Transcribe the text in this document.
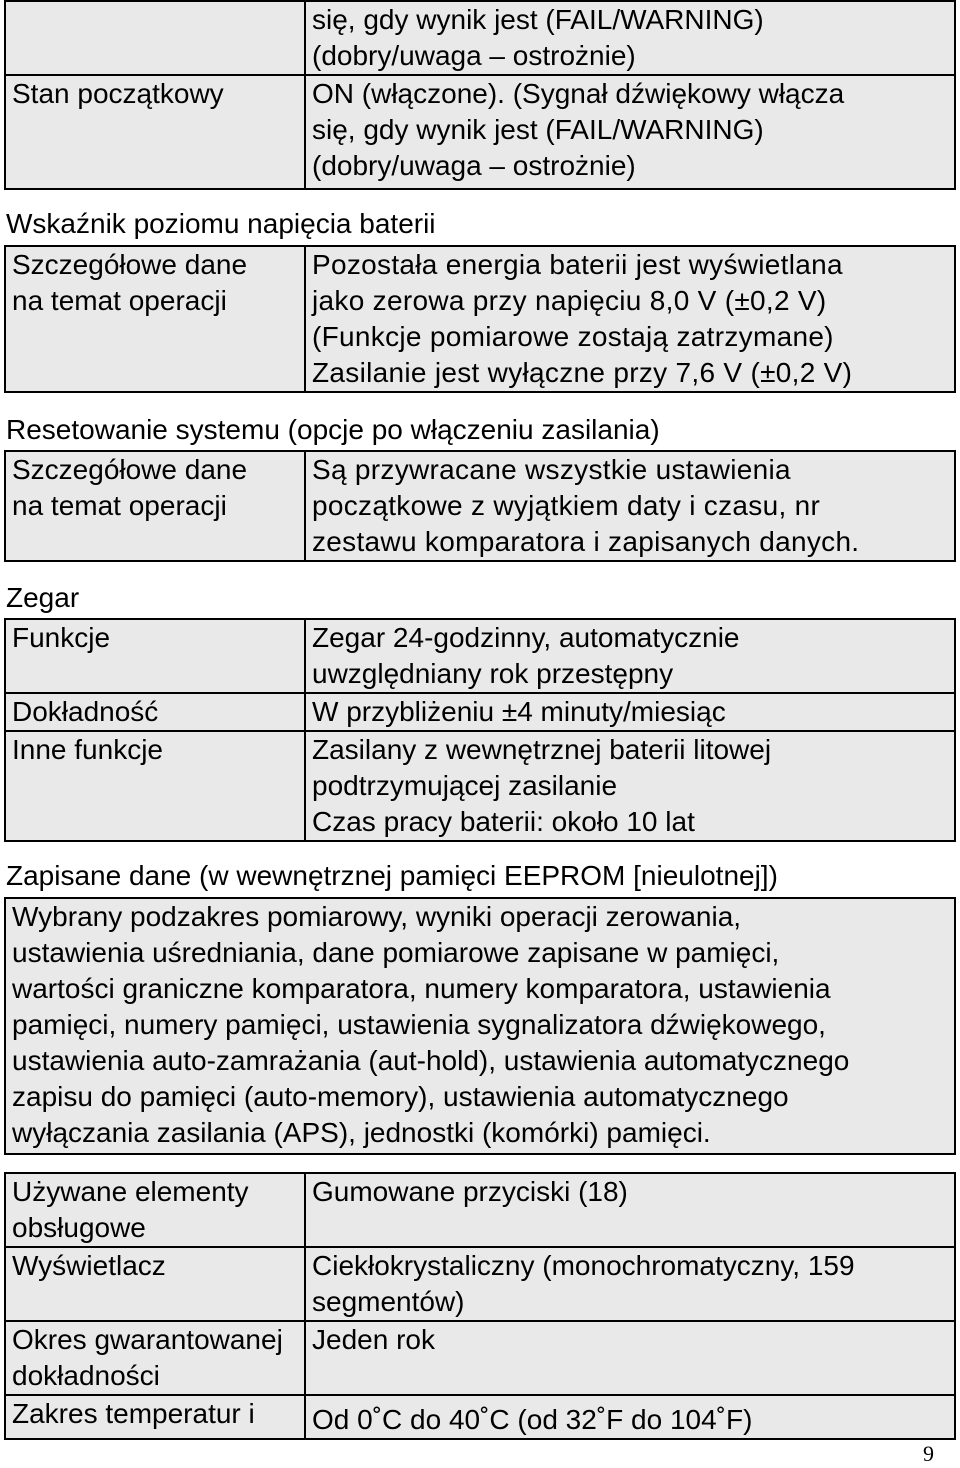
	się, gdy wynik jest (FAIL/WARNING)
(dobry/uwaga – ostrożnie)
Stan początkowy	ON (włączone). (Sygnał dźwiękowy włącza
się, gdy wynik jest (FAIL/WARNING)
(dobry/uwaga – ostrożnie)

Wskaźnik poziomu napięcia baterii

Szczegółowe dane
na temat operacji	Pozostała energia baterii jest wyświetlana
jako zerowa przy napięciu 8,0 V (±0,2 V)
(Funkcje pomiarowe zostają zatrzymane)
Zasilanie jest wyłączne przy 7,6 V (±0,2 V)

Resetowanie systemu (opcje po włączeniu zasilania)

Szczegółowe dane
na temat operacji	Są przywracane wszystkie ustawienia
początkowe z wyjątkiem daty i czasu, nr
zestawu komparatora i zapisanych danych.

Zegar

Funkcje	Zegar 24-godzinny, automatycznie
uwzględniany rok przestępny
Dokładność	W przybliżeniu ±4 minuty/miesiąc
Inne funkcje	Zasilany z wewnętrznej baterii litowej
podtrzymującej zasilanie
Czas pracy baterii: około 10 lat

Zapisane dane (w wewnętrznej pamięci EEPROM [nieulotnej])

Wybrany podzakres pomiarowy, wyniki operacji zerowania,
ustawienia uśredniania, dane pomiarowe zapisane w pamięci,
wartości graniczne komparatora, numery komparatora, ustawienia
pamięci, numery pamięci, ustawienia sygnalizatora dźwiękowego,
ustawienia auto-zamrażania (aut-hold), ustawienia automatycznego
zapisu do pamięci (auto-memory), ustawienia automatycznego
wyłączania zasilania (APS), jednostki (komórki) pamięci.
Używane elementy
obsługowe	Gumowane przyciski (18)
Wyświetlacz	Ciekłokrystaliczny (monochromatyczny, 159
segmentów)
Okres gwarantowanej
dokładności	Jeden rok
Zakres temperatur i	Od 0˚C do 40˚C (od 32˚F do 104˚F)
9
